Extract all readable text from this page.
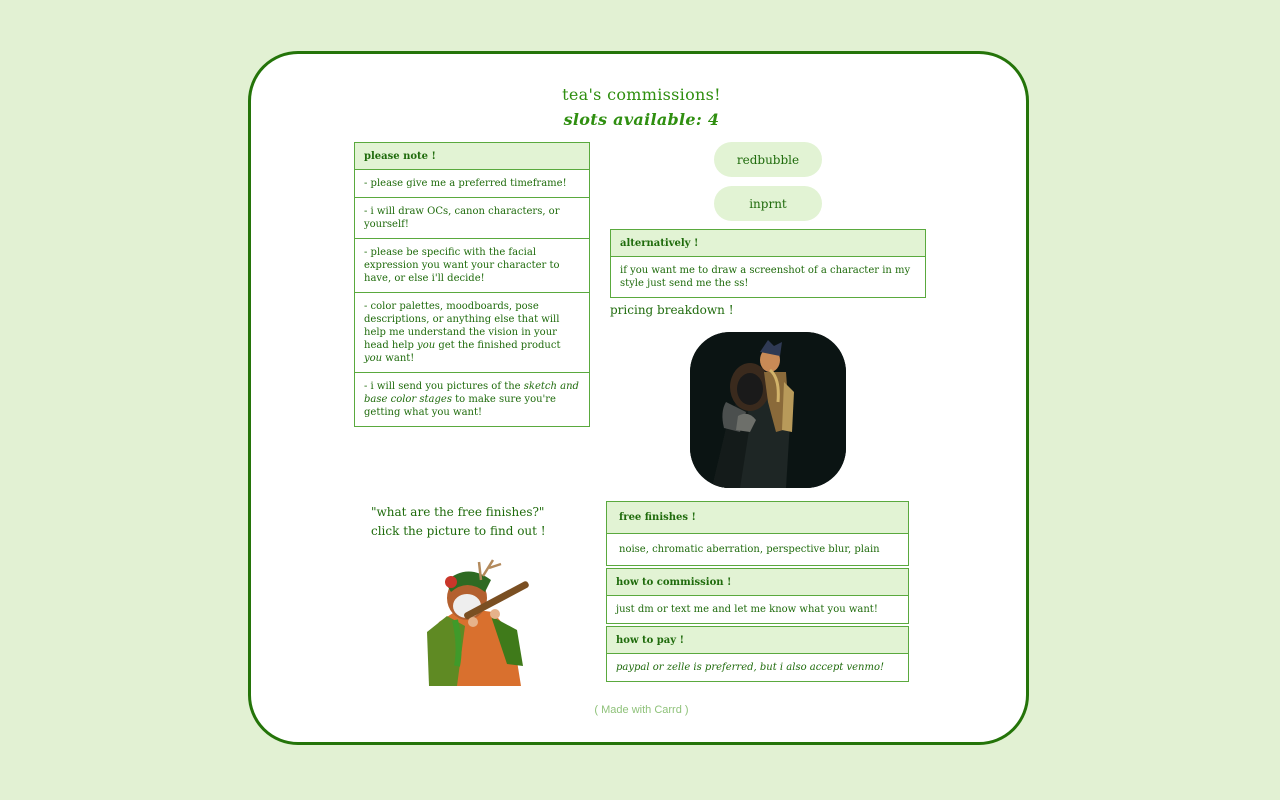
tea's commissions!
slots available: 4
please note !
- please give me a preferred timeframe!
- i will draw OCs, canon characters, or yourself!
- please be specific with the facial expression you want your character to have, or else i'll decide!
- color palettes, moodboards, pose descriptions, or anything else that will help me understand the vision in your head help you get the finished product you want!
- i will send you pictures of the sketch and base color stages to make sure you're getting what you want!
redbubble
inprnt
alternatively !
if you want me to draw a screenshot of a character in my style just send me the ss!
pricing breakdown !
"what are the free finishes?"
click the picture to find out !
free finishes !
noise, chromatic aberration, perspective blur, plain
how to commission !
just dm or text me and let me know what you want!
how to pay !
paypal or zelle is preferred, but i also accept venmo!
( Made with Carrd )
